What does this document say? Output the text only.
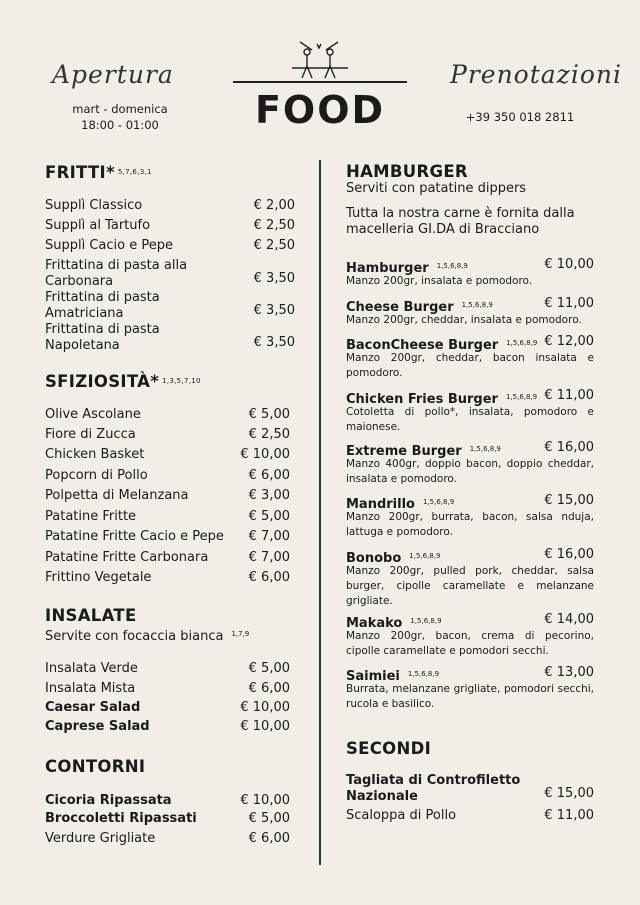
Apertura
mart - domenica
18:00 - 01:00	FOOD
Prenotazioni
+39 350 018 2811
FRITTI* $^{5,7,6,3,1}$
Supplì Classico	€ 2,00
Supplì al Tartufo	€ 2,50
Supplì Cacio e Pepe	€ 2,50
Frittatina di pasta alla
Carbonara	€ 3,50
Frittatina di pasta
Amatriciana	€ 3,50
Frittatina di pasta
Napoletana	€ 3,50
SFIZIOSITÀ* $^{1,3,5,7,10}$
Olive Ascolane	€ 5,00
Fiore di Zucca	€ 2,50
Chicken Basket	€ 10,00
Popcorn di Pollo	€ 6,00
Polpetta di Melanzana	€ 3,00
Patatine Fritte	€ 5,00
Patatine Fritte Cacio e Pepe € 7,00
Patatine Fritte Carbonara	€ 7,00
Frittino Vegetale	€ 6,00
INSALATE
Servite con focaccia bianca $^{1,7,9}$
Insalata Verde	€ 5,00
Insalata Mista	€ 6,00
Caesar Salad	€ 10,00
Caprese Salad	€ 10,00
CONTORNI
Cicoria Ripassata	€ 10,00
Broccoletti Ripassati	€ 5,00
Verdure Grigliate	€ 6,00
HAMBURGER
Serviti con patatine dippers
Tutta la nostra carne è fornita dalla
macelleria GI.DA di Bracciano
Hamburger $^{1,5,6,8,9}$	€ 10,00
Manzo 200gr, insalata e pomodoro.
Cheese Burger $^{1,5,6,8,9}$	€ 11,00
Manzo 200gr, cheddar, insalata e pomodoro.
BaconCheese Burger $^{1,5,6,8,9}$ € 12,00
Manzo 200gr, cheddar, bacon insalata e pomodoro.
Chicken Fries Burger $^{1,5,6,8,9}$ € 11,00
Cotoletta di pollo*, insalata, pomodoro e maionese.
Extreme Burger $^{1,5,6,8,9}$	€ 16,00
Manzo 400gr, doppio bacon, doppio cheddar, insalata e pomodoro.
Mandrillo $^{1,5,6,8,9}$	€ 15,00
Manzo 200gr, burrata, bacon, salsa nduja, lattuga e pomodoro.
Bonobo $^{1,5,6,8,9}$	€ 16,00
Manzo 200gr, pulled pork, cheddar, salsa burger, cipolle caramellate e melanzane grigliate.
Makako $^{1,5,6,8,9}$	€ 14,00
Manzo 200gr, bacon, crema di pecorino, cipolle caramellate e pomodori secchi.
Saimiei $^{1,5,6,8,9}$	€ 13,00
Burrata, melanzane grigliate, pomodori secchi, rucola e basilico.
SECONDI
Tagliata di Controfiletto
Nazionale	€ 15,00
Scaloppa di Pollo	€ 11,00
